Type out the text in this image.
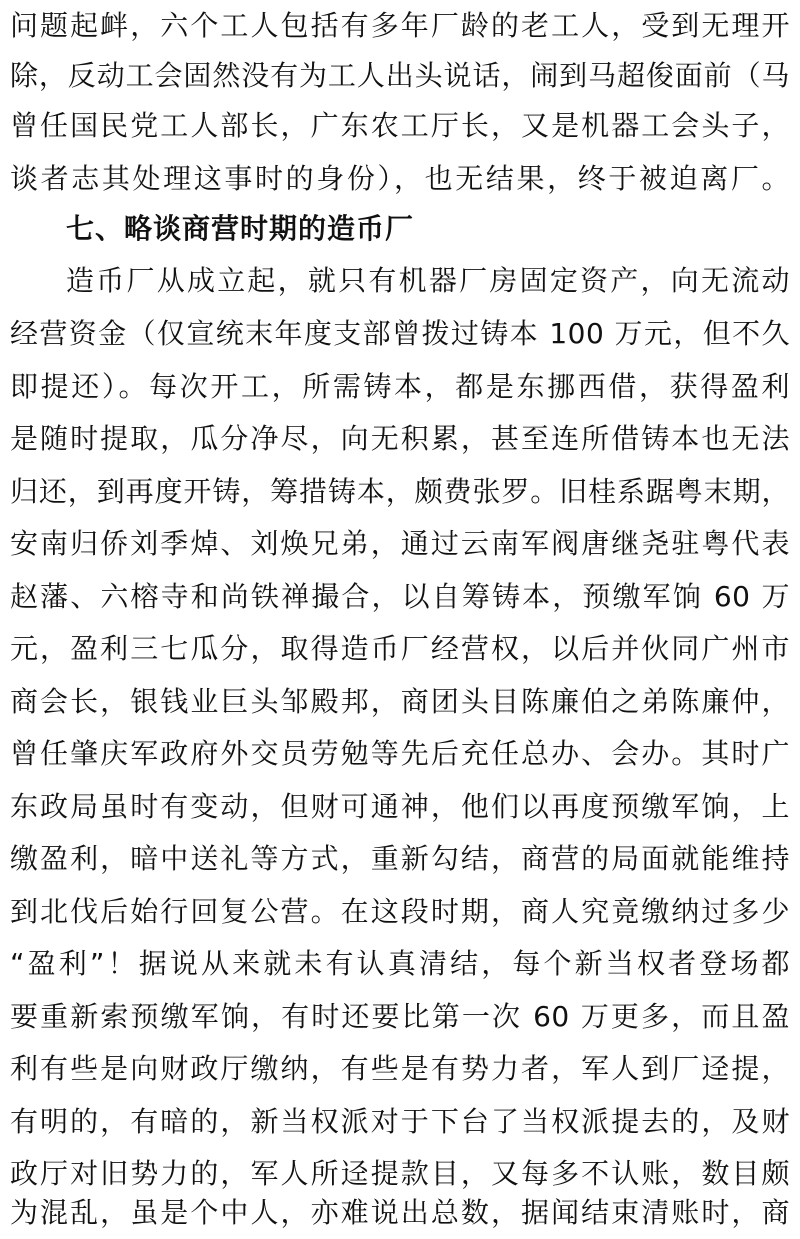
问题起衅，六个工人包括有多年厂龄的老工人，受到无理开
除，反动工会固然没有为工人出头说话，闹到马超俊面前（马
曾任国民党工人部长，广东农工厅长，又是机器工会头子，
谈者志其处理这事时的身份），也无结果，终于被迫离厂。
七、略谈商营时期的造币厂
造币厂从成立起，就只有机器厂房固定资产，向无流动
经营资金（仅宣统末年度支部曾拨过铸本 100 万元，但不久
即提还）。每次开工，所需铸本，都是东挪西借，获得盈利
是随时提取，瓜分净尽，向无积累，甚至连所借铸本也无法
归还，到再度开铸，筹措铸本，颇费张罗。旧桂系踞粤末期，
安南归侨刘季焯、刘焕兄弟，通过云南军阀唐继尧驻粤代表
赵藩、六榕寺和尚铁禅撮合，以自筹铸本，预缴军饷 60 万
元，盈利三七瓜分，取得造币厂经营权，以后并伙同广州市
商会长，银钱业巨头邹殿邦，商团头目陈廉伯之弟陈廉仲，
曾任肇庆军政府外交员劳勉等先后充任总办、会办。其时广
东政局虽时有变动，但财可通神，他们以再度预缴军饷，上
缴盈利，暗中送礼等方式，重新勾结，商营的局面就能维持
到北伐后始行回复公营。在这段时期，商人究竟缴纳过多少
“盈利”！据说从来就未有认真清结，每个新当权者登场都
要重新索预缴军饷，有时还要比第一次 60 万更多，而且盈
利有些是向财政厅缴纳，有些是有势力者，军人到厂迳提，
有明的，有暗的，新当权派对于下台了当权派提去的，及财
政厅对旧势力的，军人所迳提款目，又每多不认账，数目颇
为混乱，虽是个中人，亦难说出总数，据闻结束清账时，商
